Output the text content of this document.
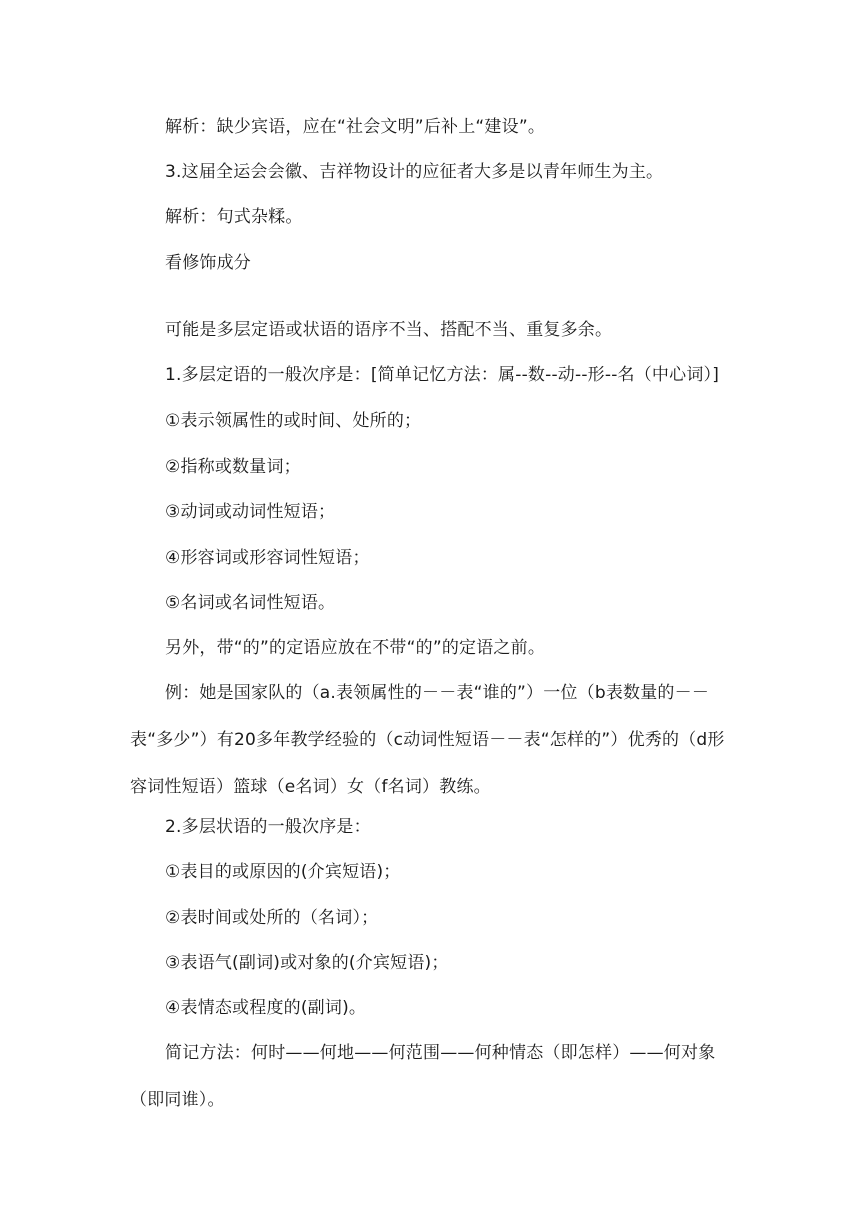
解析：缺少宾语，应在“社会文明”后补上“建设”。
3.这届全运会会徽、吉祥物设计的应征者大多是以青年师生为主。
解析：句式杂糅。
看修饰成分
可能是多层定语或状语的语序不当、搭配不当、重复多余。
1.多层定语的一般次序是：[简单记忆方法：属--数--动--形--名（中心词）]
①表示领属性的或时间、处所的；
②指称或数量词；
③动词或动词性短语；
④形容词或形容词性短语；
⑤名词或名词性短语。
另外，带“的”的定语应放在不带“的”的定语之前。
例：她是国家队的（a.表领属性的－－表“谁的”）一位（b表数量的－－表“多少”）有20多年教学经验的（c动词性短语－－表“怎样的”）优秀的（d形容词性短语）篮球（e名词）女（f名词）教练。
2.多层状语的一般次序是：
①表目的或原因的(介宾短语)；
②表时间或处所的（名词）；
③表语气(副词)或对象的(介宾短语)；
④表情态或程度的(副词)。
简记方法：何时——何地——何范围——何种情态（即怎样）——何对象（即同谁）。
